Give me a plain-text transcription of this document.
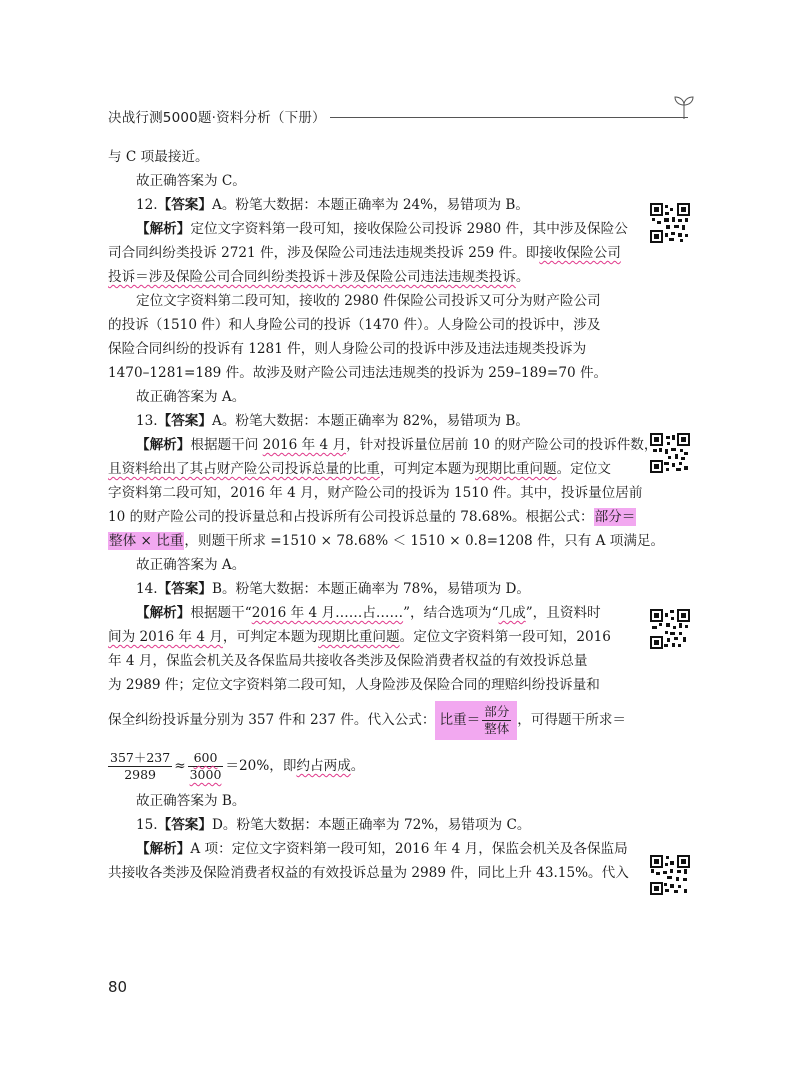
决战行测5000题·资料分析（下册）
与 C 项最接近。
故正确答案为 C。
12.【答案】A。粉笔大数据：本题正确率为 24%，易错项为 B。
【解析】定位文字资料第一段可知，接收保险公司投诉 2980 件，其中涉及保险公
司合同纠纷类投诉 2721 件，涉及保险公司违法违规类投诉 259 件。即接收保险公司
投诉＝涉及保险公司合同纠纷类投诉＋涉及保险公司违法违规类投诉。
定位文字资料第二段可知，接收的 2980 件保险公司投诉又可分为财产险公司
的投诉（1510 件）和人身险公司的投诉（1470 件）。人身险公司的投诉中，涉及
保险合同纠纷的投诉有 1281 件，则人身险公司的投诉中涉及违法违规类投诉为
1470–1281=189 件。故涉及财产险公司违法违规类的投诉为 259–189=70 件。
故正确答案为 A。
13.【答案】A。粉笔大数据：本题正确率为 82%，易错项为 B。
【解析】根据题干问 2016 年 4 月，针对投诉量位居前 10 的财产险公司的投诉件数，
且资料给出了其占财产险公司投诉总量的比重，可判定本题为现期比重问题。定位文
字资料第二段可知，2016 年 4 月，财产险公司的投诉为 1510 件。其中，投诉量位居前
10 的财产险公司的投诉量总和占投诉所有公司投诉总量的 78.68%。根据公式：部分＝
整体 × 比重，则题干所求 =1510 × 78.68% ＜ 1510 × 0.8=1208 件，只有 A 项满足。
故正确答案为 A。
14.【答案】B。粉笔大数据：本题正确率为 78%，易错项为 D。
【解析】根据题干“2016 年 4 月……占……”，结合选项为“几成”，且资料时
间为 2016 年 4 月，可判定本题为现期比重问题。定位文字资料第一段可知，2016
年 4 月，保监会机关及各保监局共接收各类涉及保险消费者权益的有效投诉总量
为 2989 件；定位文字资料第二段可知，人身险涉及保险合同的理赔纠纷投诉量和
保全纠纷投诉量分别为 357 件和 237 件。代入公式： 比重＝ $\frac{\text{部分}}{\text{整体}}$ ，可得题干所求＝
$\frac{357+237}{2989} \approx \frac{600}{3000} =20\%$，即约占两成。
故正确答案为 B。
15.【答案】D。粉笔大数据：本题正确率为 72%，易错项为 C。
【解析】A 项：定位文字资料第一段可知，2016 年 4 月，保监会机关及各保监局
共接收各类涉及保险消费者权益的有效投诉总量为 2989 件，同比上升 43.15%。代入
80
